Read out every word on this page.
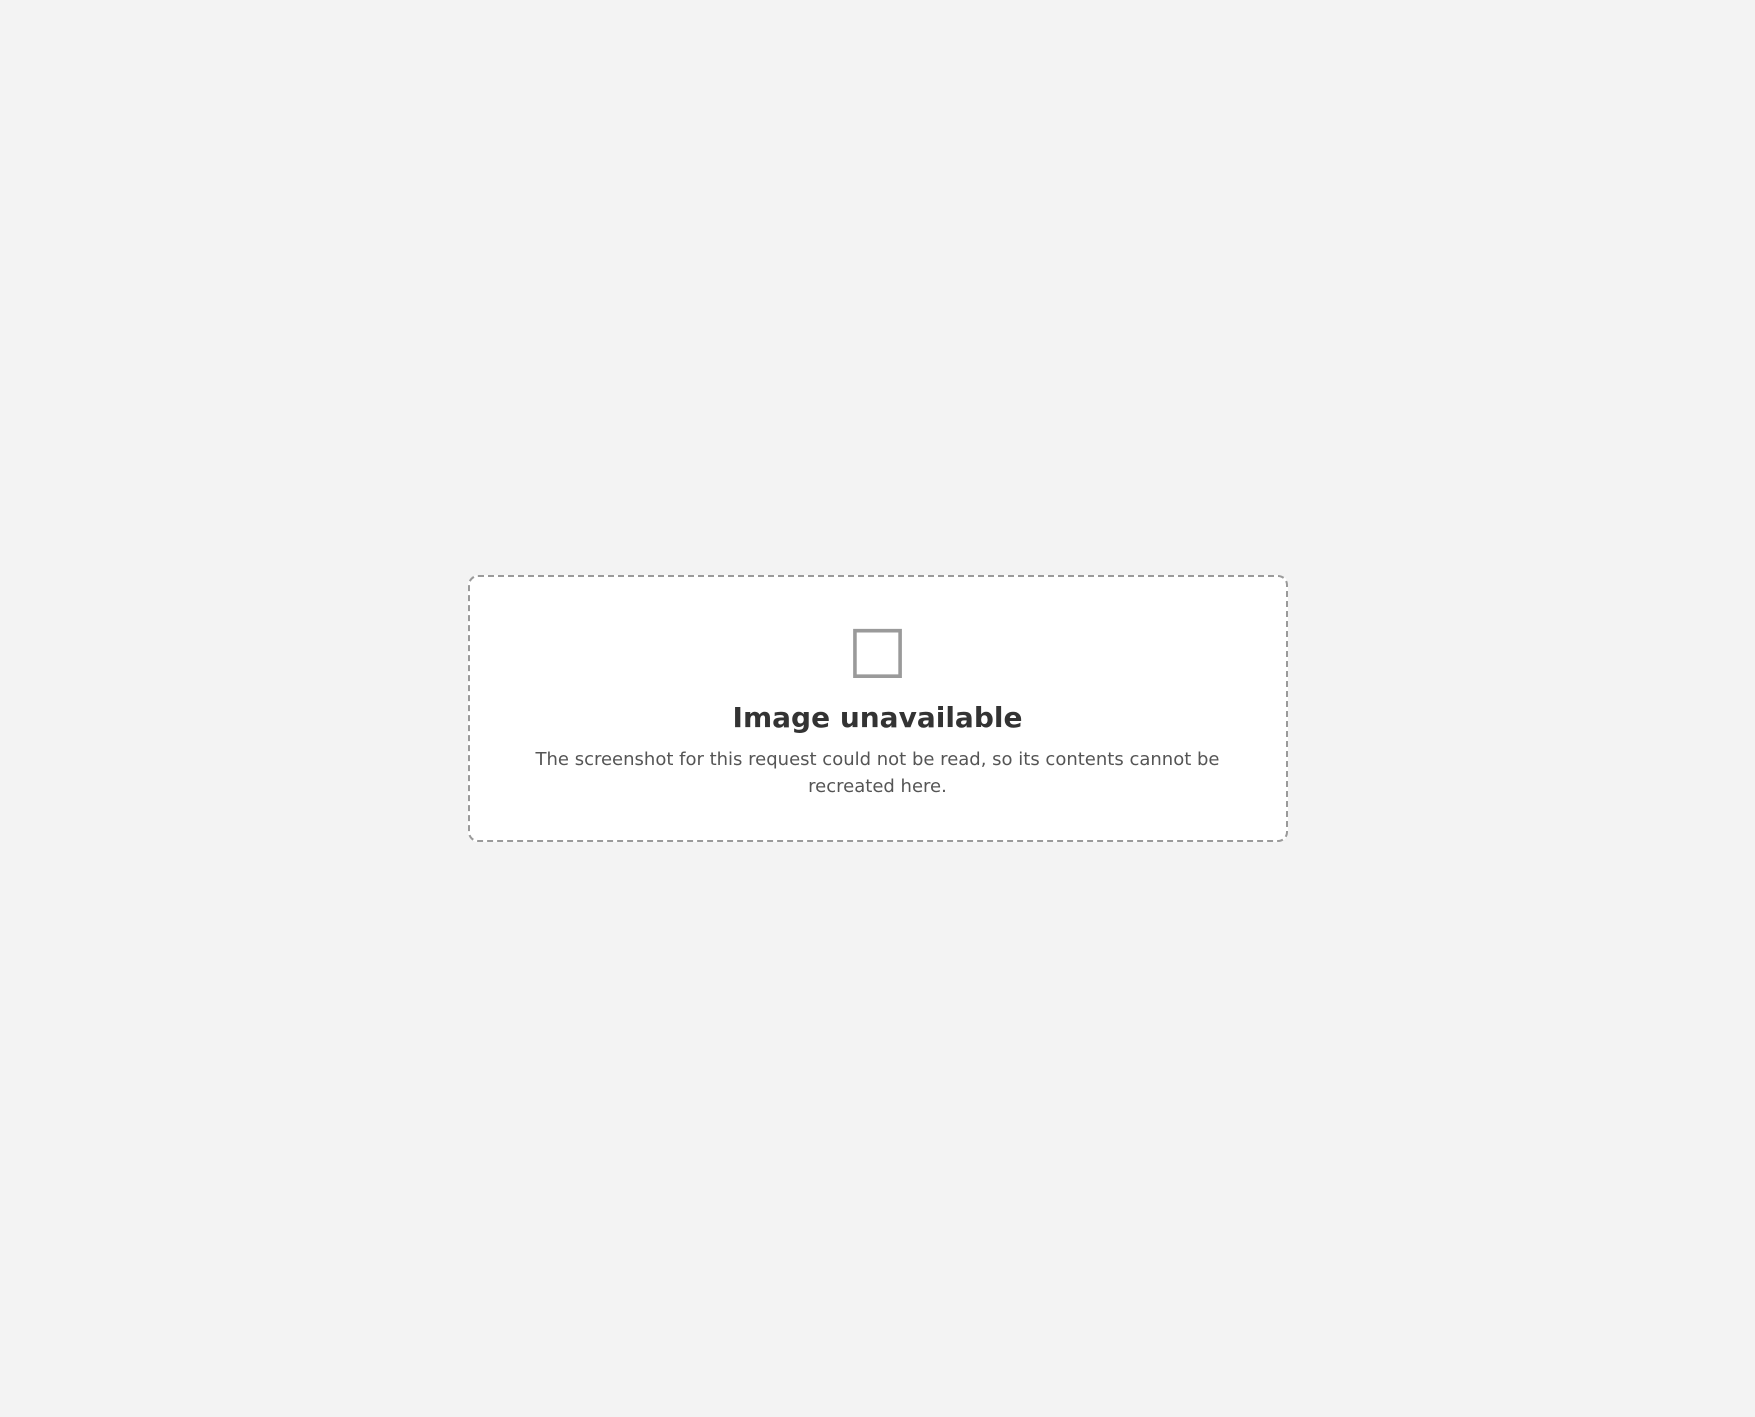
□
Image unavailable

The screenshot for this request could not be read, so its contents cannot be recreated here.
